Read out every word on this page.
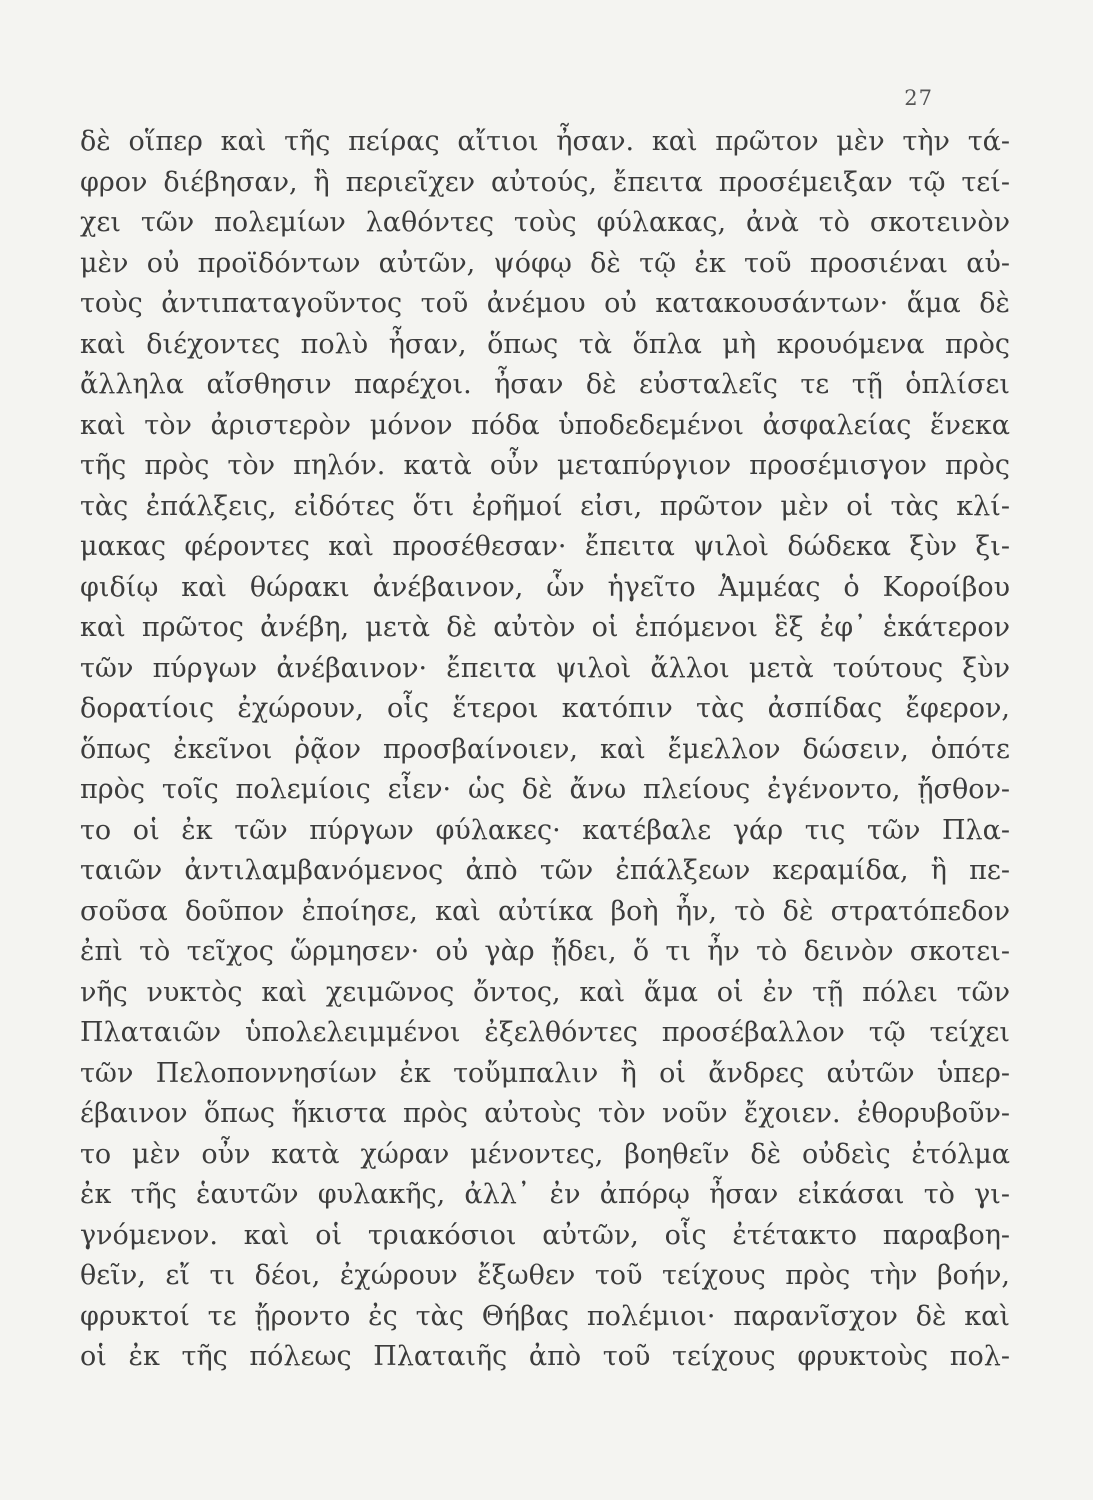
27
δὲ οἵπερ καὶ τῆς πείρας αἴτιοι ἦσαν. καὶ πρῶτον μὲν τὴν τά-
φρον διέβησαν, ἣ περιεῖχεν αὐτούς, ἔπειτα προσέμειξαν τῷ τεί-
χει τῶν πολεμίων λαθόντες τοὺς φύλακας, ἀνὰ τὸ σκοτεινὸν
μὲν οὐ προϊδόντων αὐτῶν, ψόφῳ δὲ τῷ ἐκ τοῦ προσιέναι αὐ-
τοὺς ἀντιπαταγοῦντος τοῦ ἀνέμου οὐ κατακουσάντων· ἅμα δὲ
καὶ διέχοντες πολὺ ἦσαν, ὅπως τὰ ὅπλα μὴ κρουόμενα πρὸς
ἄλληλα αἴσθησιν παρέχοι. ἦσαν δὲ εὐσταλεῖς τε τῇ ὁπλίσει
καὶ τὸν ἀριστερὸν μόνον πόδα ὑποδεδεμένοι ἀσφαλείας ἕνεκα
τῆς πρὸς τὸν πηλόν. κατὰ οὖν μεταπύργιον προσέμισγον πρὸς
τὰς ἐπάλξεις, εἰδότες ὅτι ἐρῆμοί εἰσι, πρῶτον μὲν οἱ τὰς κλί-
μακας φέροντες καὶ προσέθεσαν· ἔπειτα ψιλοὶ δώδεκα ξὺν ξι-
φιδίῳ καὶ θώρακι ἀνέβαινον, ὧν ἡγεῖτο Ἀμμέας ὁ Κοροίβου
καὶ πρῶτος ἀνέβη, μετὰ δὲ αὐτὸν οἱ ἑπόμενοι ἓξ ἐφ᾽ ἑκάτερον
τῶν πύργων ἀνέβαινον· ἔπειτα ψιλοὶ ἄλλοι μετὰ τούτους ξὺν
δορατίοις ἐχώρουν, οἷς ἕτεροι κατόπιν τὰς ἀσπίδας ἔφερον,
ὅπως ἐκεῖνοι ῥᾷον προσβαίνοιεν, καὶ ἔμελλον δώσειν, ὁπότε
πρὸς τοῖς πολεμίοις εἶεν· ὡς δὲ ἄνω πλείους ἐγένοντο, ᾔσθον-
το οἱ ἐκ τῶν πύργων φύλακες· κατέβαλε γάρ τις τῶν Πλα-
ταιῶν ἀντιλαμβανόμενος ἀπὸ τῶν ἐπάλξεων κεραμίδα, ἣ πε-
σοῦσα δοῦπον ἐποίησε, καὶ αὐτίκα βοὴ ἦν, τὸ δὲ στρατόπεδον
ἐπὶ τὸ τεῖχος ὥρμησεν· οὐ γὰρ ᾔδει, ὅ τι ἦν τὸ δεινὸν σκοτει-
νῆς νυκτὸς καὶ χειμῶνος ὄντος, καὶ ἅμα οἱ ἐν τῇ πόλει τῶν
Πλαταιῶν ὑπολελειμμένοι ἐξελθόντες προσέβαλλον τῷ τείχει
τῶν Πελοποννησίων ἐκ τοὔμπαλιν ἢ οἱ ἄνδρες αὐτῶν ὑπερ-
έβαινον ὅπως ἥκιστα πρὸς αὐτοὺς τὸν νοῦν ἔχοιεν. ἐθορυβοῦν-
το μὲν οὖν κατὰ χώραν μένοντες, βοηθεῖν δὲ οὐδεὶς ἐτόλμα
ἐκ τῆς ἑαυτῶν φυλακῆς, ἀλλ᾽ ἐν ἀπόρῳ ἦσαν εἰκάσαι τὸ γι-
γνόμενον. καὶ οἱ τριακόσιοι αὐτῶν, οἷς ἐτέτακτο παραβοη-
θεῖν, εἴ τι δέοι, ἐχώρουν ἔξωθεν τοῦ τείχους πρὸς τὴν βοήν,
φρυκτοί τε ᾔροντο ἐς τὰς Θήβας πολέμιοι· παρανῖσχον δὲ καὶ
οἱ ἐκ τῆς πόλεως Πλαταιῆς ἀπὸ τοῦ τείχους φρυκτοὺς πολ-
